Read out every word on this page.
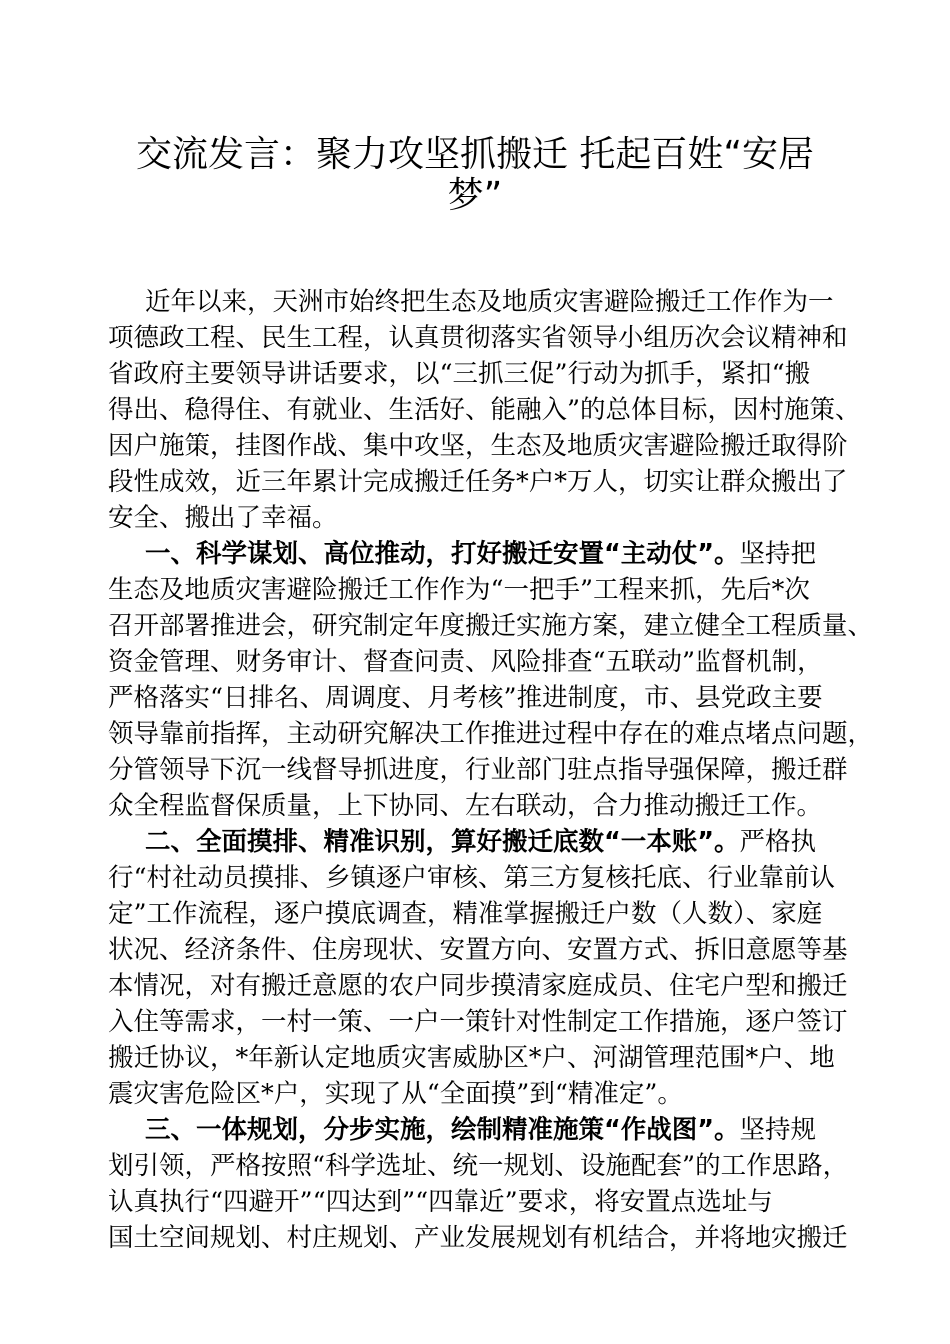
交流发言：聚力攻坚抓搬迁 托起百姓“安居
梦”
近年以来，天洲市始终把生态及地质灾害避险搬迁工作作为一
项德政工程、民生工程，认真贯彻落实省领导小组历次会议精神和
省政府主要领导讲话要求，以“三抓三促”行动为抓手，紧扣“搬
得出、稳得住、有就业、生活好、能融入”的总体目标，因村施策、
因户施策，挂图作战、集中攻坚，生态及地质灾害避险搬迁取得阶
段性成效，近三年累计完成搬迁任务*户*万人，切实让群众搬出了
安全、搬出了幸福。
一、科学谋划、高位推动，打好搬迁安置“主动仗”。坚持把
生态及地质灾害避险搬迁工作作为“一把手”工程来抓，先后*次
召开部署推进会，研究制定年度搬迁实施方案，建立健全工程质量、
资金管理、财务审计、督查问责、风险排查“五联动”监督机制，
严格落实“日排名、周调度、月考核”推进制度，市、县党政主要
领导靠前指挥，主动研究解决工作推进过程中存在的难点堵点问题，
分管领导下沉一线督导抓进度，行业部门驻点指导强保障，搬迁群
众全程监督保质量，上下协同、左右联动，合力推动搬迁工作。
二、全面摸排、精准识别，算好搬迁底数“一本账”。严格执
行“村社动员摸排、乡镇逐户审核、第三方复核托底、行业靠前认
定”工作流程，逐户摸底调查，精准掌握搬迁户数（人数）、家庭
状况、经济条件、住房现状、安置方向、安置方式、拆旧意愿等基
本情况，对有搬迁意愿的农户同步摸清家庭成员、住宅户型和搬迁
入住等需求，一村一策、一户一策针对性制定工作措施，逐户签订
搬迁协议，*年新认定地质灾害威胁区*户、河湖管理范围*户、地
震灾害危险区*户，实现了从“全面摸”到“精准定”。
三、一体规划，分步实施，绘制精准施策“作战图”。坚持规
划引领，严格按照“科学选址、统一规划、设施配套”的工作思路，
认真执行“四避开”“四达到”“四靠近”要求，将安置点选址与
国土空间规划、村庄规划、产业发展规划有机结合，并将地灾搬迁
